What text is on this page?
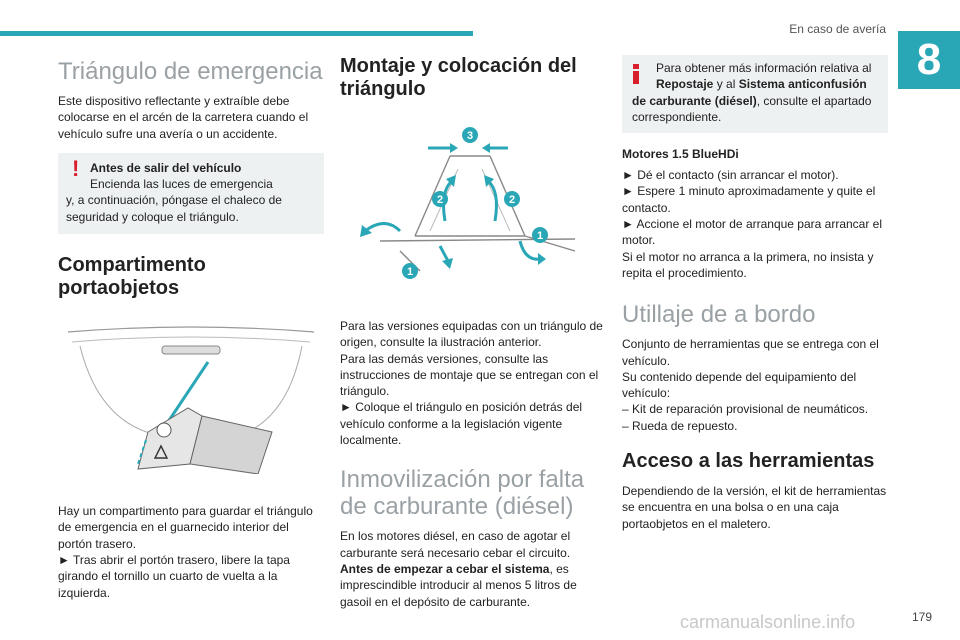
En caso de avería
8
Triángulo de emergencia

Este dispositivo reflectante y extraíble debe colocarse en el arcén de la carretera cuando el vehículo sufre una avería o un accidente.

! Antes de salir del vehículo

Encienda las luces de emergencia

y, a continuación, póngase el chaleco de seguridad y coloque el triángulo.

Compartimento portaobjetos

Hay un compartimento para guardar el triángulo de emergencia en el guarnecido interior del portón trasero.

► Tras abrir el portón trasero, libere la tapa girando el tornillo un cuarto de vuelta a la izquierda.

Montaje y colocación del triángulo
3
2	2
1
1

Para las versiones equipadas con un triángulo de origen, consulte la ilustración anterior.

Para las demás versiones, consulte las instrucciones de montaje que se entregan con el triángulo.

► Coloque el triángulo en posición detrás del vehículo conforme a la legislación vigente localmente.

Inmovilización por falta de carburante (diésel)

En los motores diésel, en caso de agotar el carburante será necesario cebar el circuito.

Antes de empezar a cebar el sistema, es imprescindible introducir al menos 5 litros de gasoil en el depósito de carburante.

Para obtener más información relativa al

Repostaje y al Sistema anticonfusión

de carburante (diésel), consulte el apartado correspondiente.

Motores 1.5 BlueHDi

► Dé el contacto (sin arrancar el motor).

► Espere 1 minuto aproximadamente y quite el contacto.

► Accione el motor de arranque para arrancar el motor.

Si el motor no arranca a la primera, no insista y repita el procedimiento.

Utillaje de a bordo

Conjunto de herramientas que se entrega con el vehículo.

Su contenido depende del equipamiento del vehículo:

– Kit de reparación provisional de neumáticos.

– Rueda de repuesto.

Acceso a las herramientas

Dependiendo de la versión, el kit de herramientas se encuentra en una bolsa o en una caja portaobjetos en el maletero.

179
carmanualsonline.info
